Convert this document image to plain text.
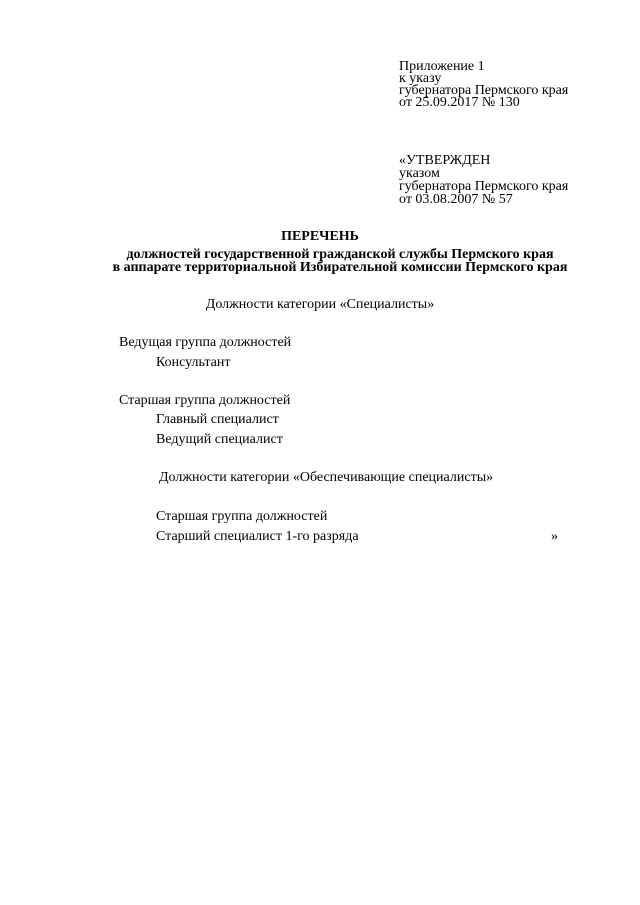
Приложение 1
к указу
губернатора Пермского края
от 25.09.2017 № 130
«УТВЕРЖДЕН
указом
губернатора Пермского края
от 03.08.2007 № 57
ПЕРЕЧЕНЬ
должностей государственной гражданской службы Пермского края
в аппарате территориальной Избирательной комиссии Пермского края
Должности категории «Специалисты»
Ведущая группа должностей
Консультант
Старшая группа должностей
Главный специалист
Ведущий специалист
Должности категории «Обеспечивающие специалисты»
Старшая группа должностей
Старший специалист 1-го разряда	»
